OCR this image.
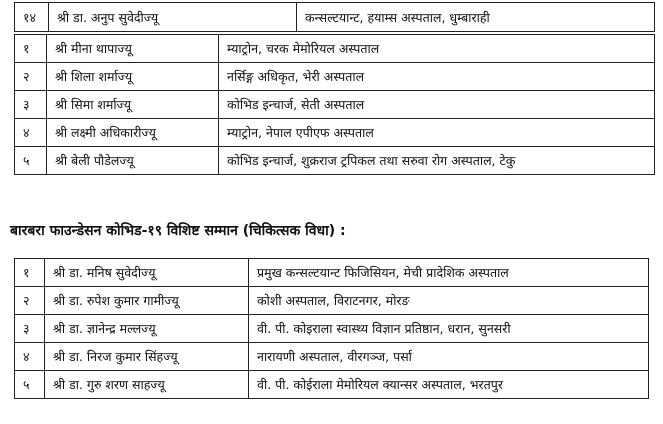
१४	श्री डा. अनुप सुवेदीज्यू	कन्सल्टयान्ट, हयाम्स अस्पताल, धुम्बाराही
१	श्री मीना थापाज्यू	म्याट्रोन, चरक मेमोरियल अस्पताल
२	श्री शिला शर्माज्यू	नर्सिङ्ग अधिकृत, भेरी अस्पताल
३	श्री सिमा शर्माज्यू	कोभिड इन्चार्ज, सेती अस्पताल
४	श्री लक्ष्मी अधिकारीज्यू	म्याट्रोन, नेपाल एपीएफ अस्पताल
५	श्री बेली पौडेलज्यू	कोभिड इन्चार्ज, शुक्रराज ट्रपिकल तथा सरुवा रोग अस्पताल, टेकु
बारबरा फाउन्डेसन कोभिड-१९ विशिष्ट सम्मान (चिकित्सक विधा) :
१	श्री डा. मनिष सुवेदीज्यू	प्रमुख कन्सल्टयान्ट फिजिसियन, मेची प्रादेशिक अस्पताल
२	श्री डा. रुपेश कुमार गामीज्यू	कोशी अस्पताल, विराटनगर, मोरङ
३	श्री डा. ज्ञानेन्द्र मल्लज्यू	वी. पी. कोइराला स्वास्थ्य विज्ञान प्रतिष्ठान, धरान, सुनसरी
४	श्री डा. निरज कुमार सिंहज्यू	नारायणी अस्पताल, वीरगञ्ज, पर्सा
५	श्री डा. गुरु शरण साहज्यू	वी. पी. कोईराला मेमोरियल क्यान्सर अस्पताल, भरतपुर
